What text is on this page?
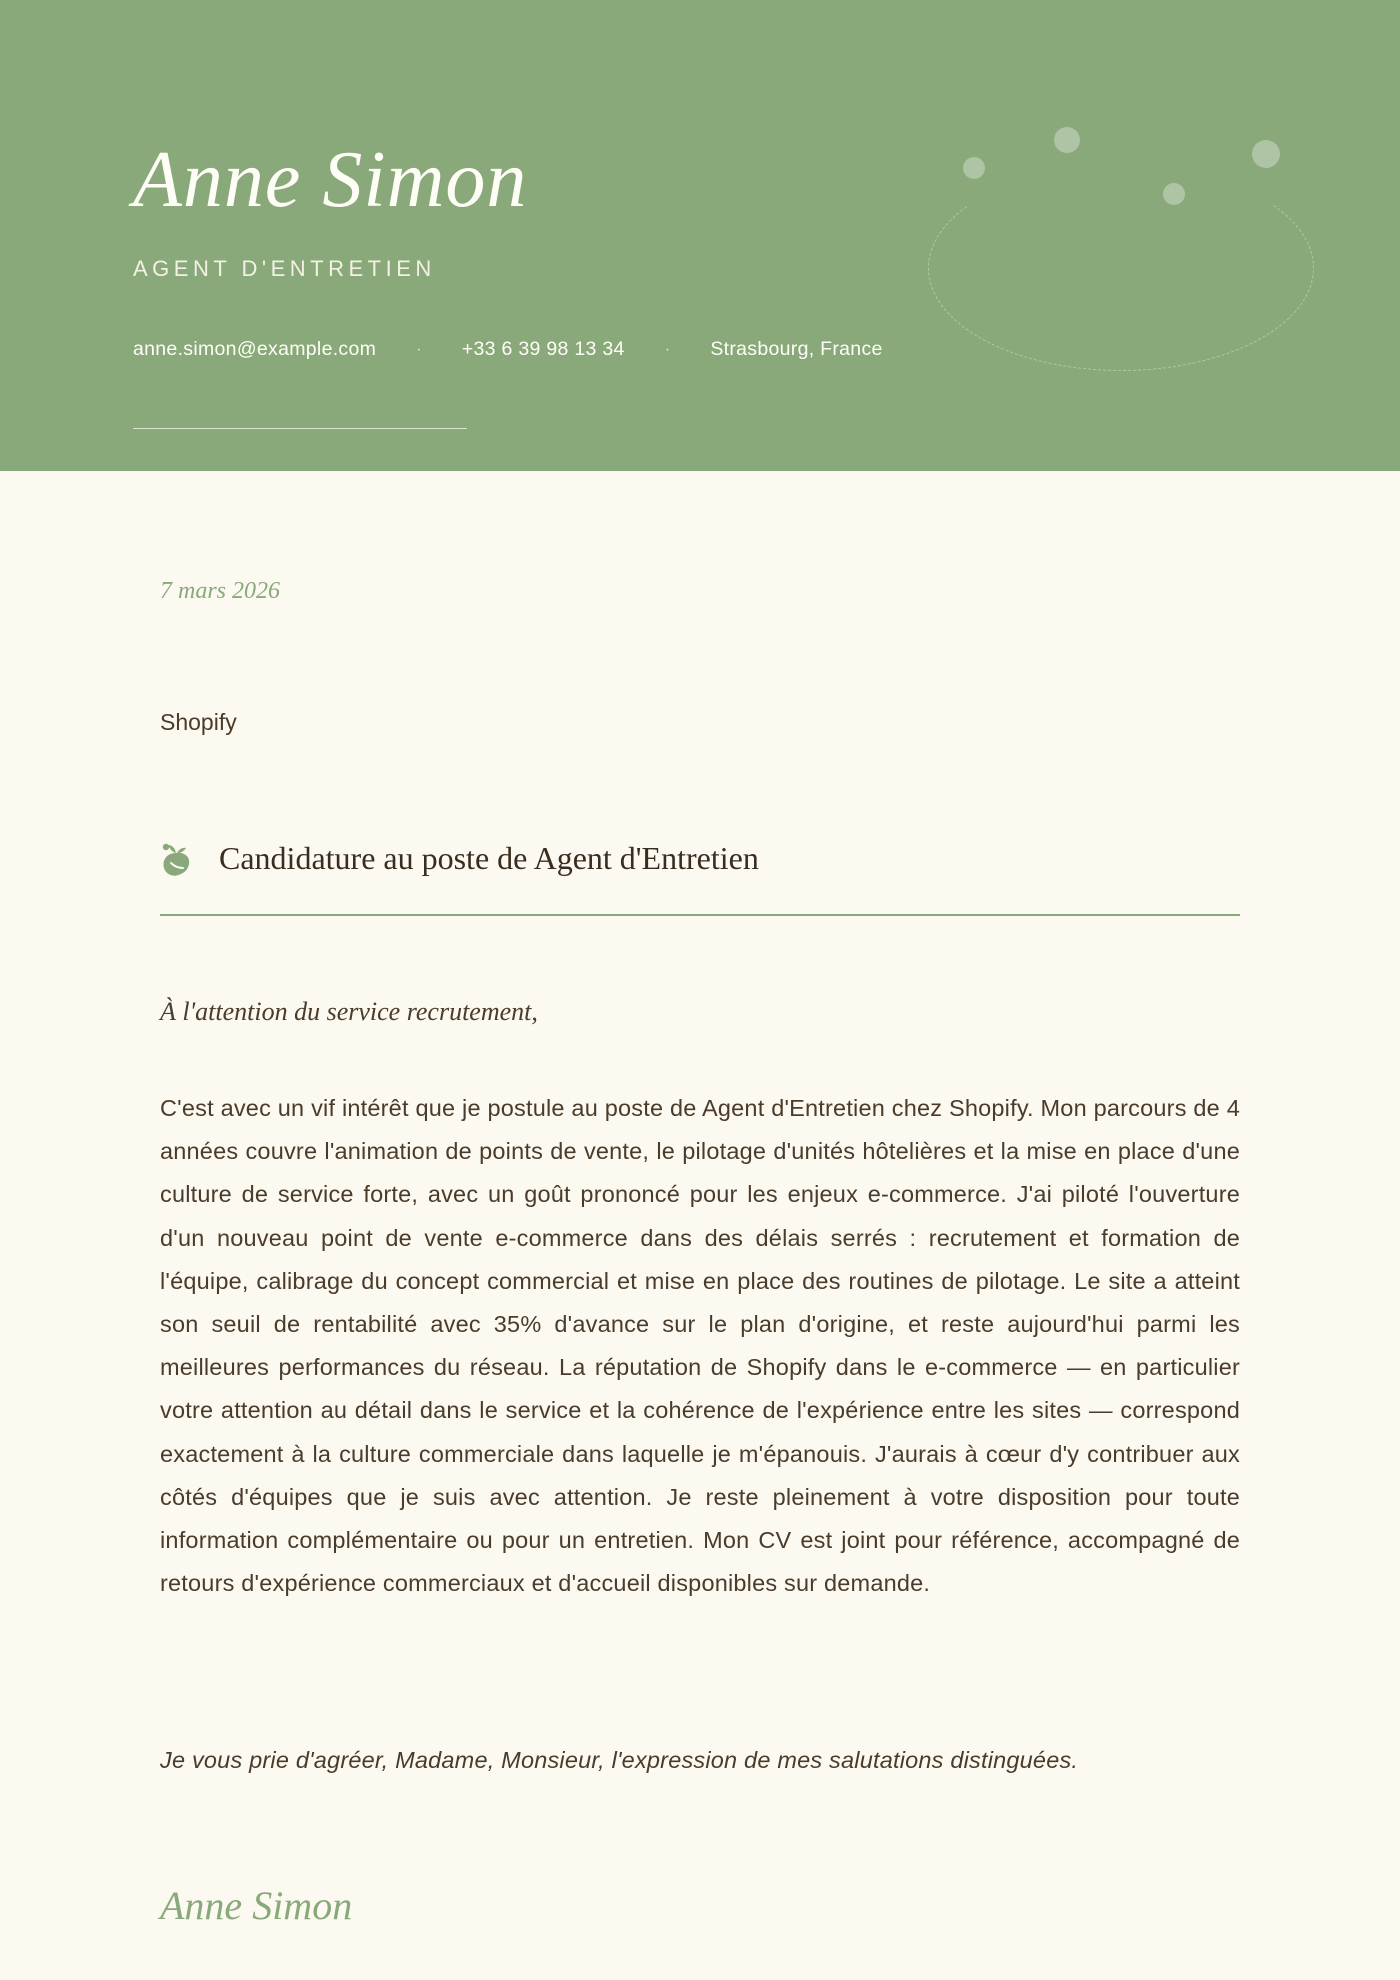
Anne Simon
AGENT D'ENTRETIEN
anne.simon@example.com	· +33 6 39 98 13 34	· Strasbourg, France
7 mars 2026
Shopify
Candidature au poste de Agent d'Entretien
À l'attention du service recrutement,

C'est avec un vif intérêt que je postule au poste de Agent d'Entretien chez Shopify. Mon parcours de 4 années couvre l'animation de points de vente, le pilotage d'unités hôtelières et la mise en place d'une culture de service forte, avec un goût prononcé pour les enjeux e-commerce. J'ai piloté l'ouverture d'un nouveau point de vente e-commerce dans des délais serrés : recrutement et formation de l'équipe, calibrage du concept commercial et mise en place des routines de pilotage. Le site a atteint son seuil de rentabilité avec 35% d'avance sur le plan d'origine, et reste aujourd'hui parmi les meilleures performances du réseau. La réputation de Shopify dans le e-commerce — en particulier votre attention au détail dans le service et la cohérence de l'expérience entre les sites — correspond exactement à la culture commerciale dans laquelle je m'épanouis. J'aurais à cœur d'y contribuer aux côtés d'équipes que je suis avec attention. Je reste pleinement à votre disposition pour toute information complémentaire ou pour un entretien. Mon CV est joint pour référence, accompagné de retours d'expérience commerciaux et d'accueil disponibles sur demande.

Je vous prie d'agréer, Madame, Monsieur, l'expression de mes salutations distinguées.
Anne Simon
